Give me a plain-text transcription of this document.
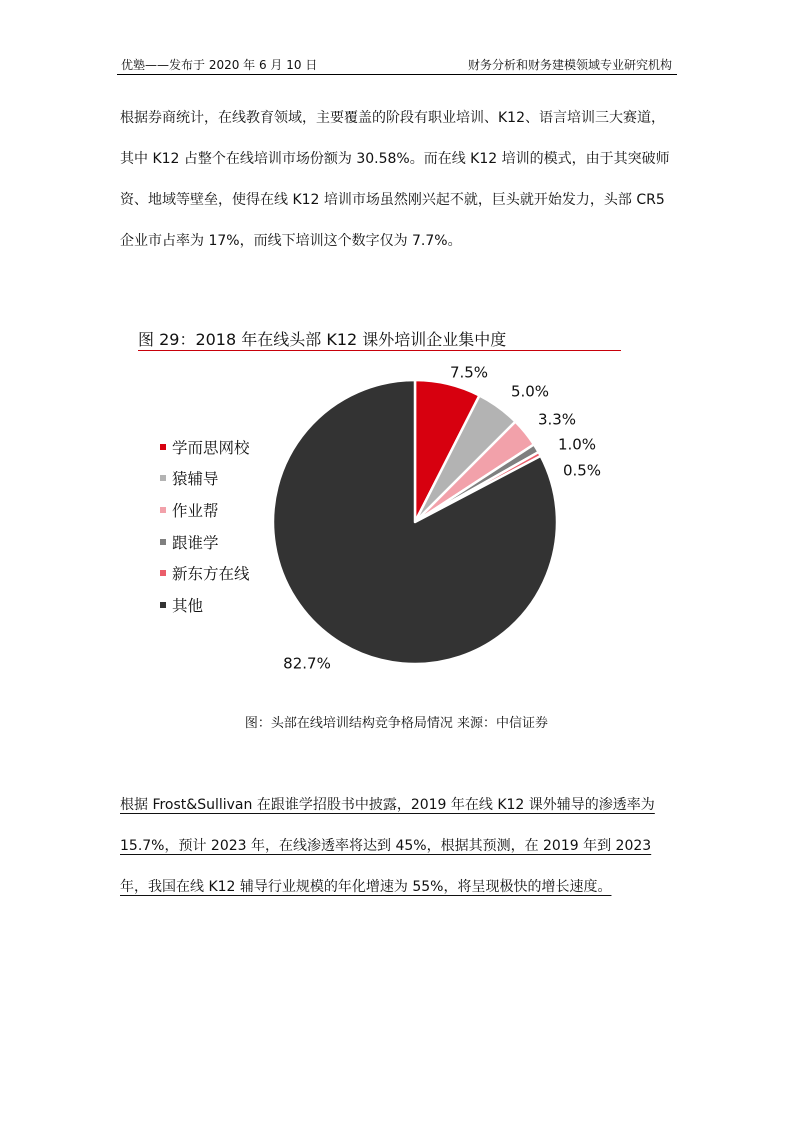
优塾——发布于 2020 年 6 月 10 日	财务分析和财务建模领域专业研究机构

根据券商统计，在线教育领域，主要覆盖的阶段有职业培训、K12、语言培训三大赛道，
其中 K12 占整个在线培训市场份额为 30.58%。而在线 K12 培训的模式，由于其突破师
资、地域等壁垒，使得在线 K12 培训市场虽然刚兴起不就，巨头就开始发力，头部 CR5
企业市占率为 17%，而线下培训这个数字仅为 7.7%。

图 29：2018 年在线头部 K12 课外培训企业集中度
7.5%
5.0%
3.3%
1.0%
0.5%
82.7%
学而思网校
猿辅导
作业帮
跟谁学
新东方在线
其他
图：头部在线培训结构竞争格局情况 来源：中信证券

根据 Frost&Sullivan 在跟谁学招股书中披露，2019 年在线 K12 课外辅导的渗透率为
15.7%，预计 2023 年，在线渗透率将达到 45%，根据其预测，在 2019 年到 2023
年，我国在线 K12 辅导行业规模的年化增速为 55%，将呈现极快的增长速度。
